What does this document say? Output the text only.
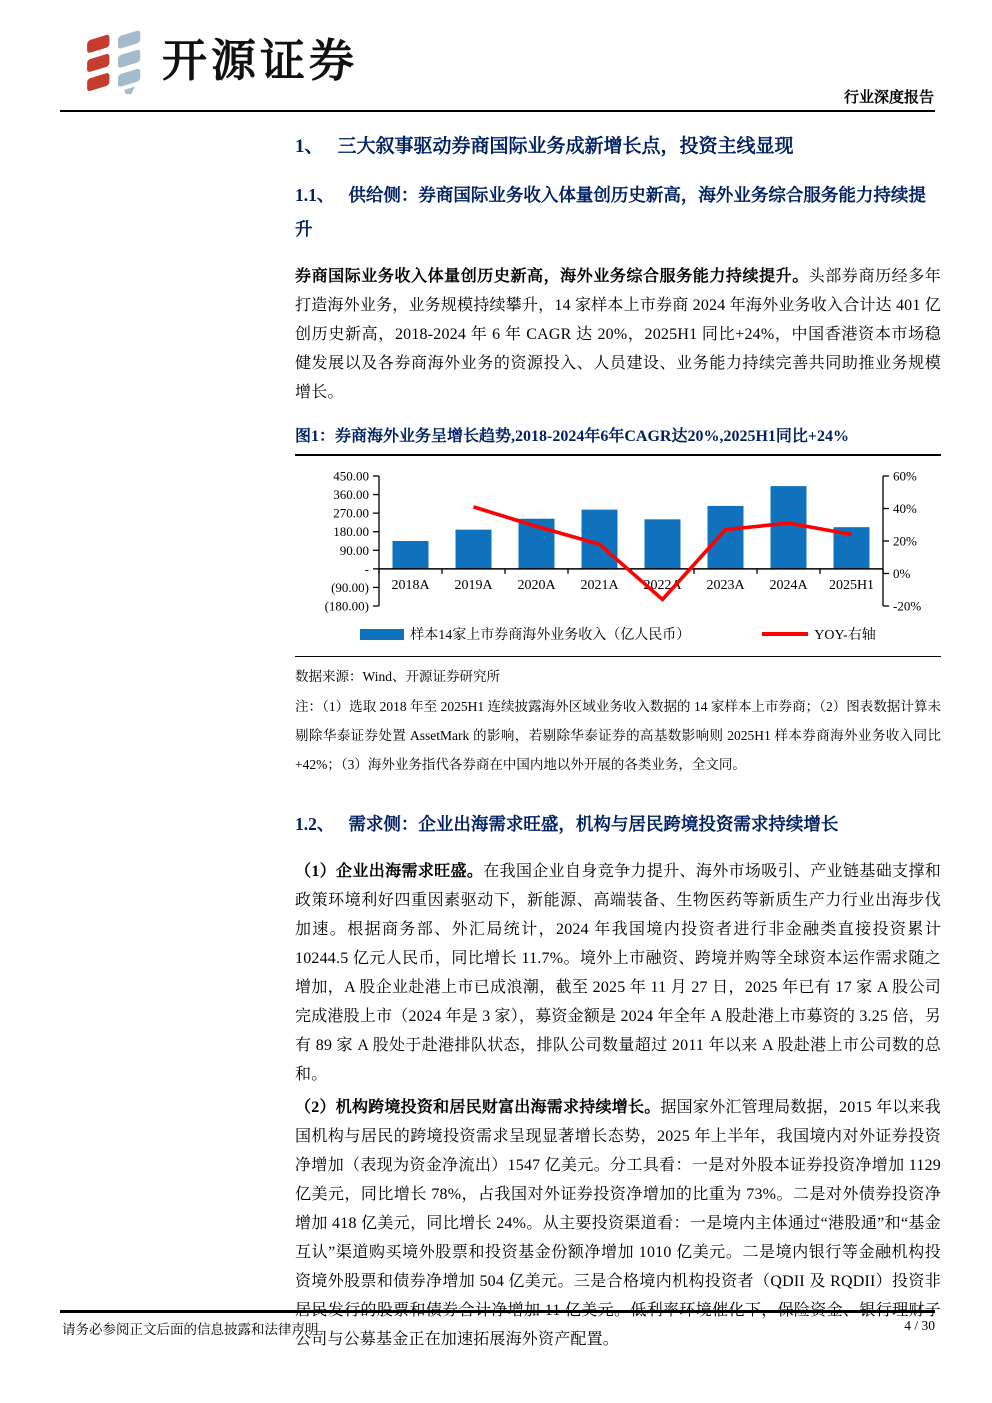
开源证券
行业深度报告
1、 三大叙事驱动券商国际业务成新增长点，投资主线显现
1.1、 供给侧：券商国际业务收入体量创历史新高，海外业务综合服务能力持续提升

券商国际业务收入体量创历史新高，海外业务综合服务能力持续提升。头部券商历经多年打造海外业务，业务规模持续攀升，14 家样本上市券商 2024 年海外业务收入合计达 401 亿创历史新高，2018-2024 年 6 年 CAGR 达 20%，2025H1 同比+24%，中国香港资本市场稳健发展以及各券商海外业务的资源投入、人员建设、业务能力持续完善共同助推业务规模增长。

图1：券商海外业务呈增长趋势,2018-2024年6年CAGR达20%,2025H1同比+24%

450.00
360.00
270.00
180.00
90.00
-
(90.00)
(180.00)
60%
40%
20%
0%
-20%
2018A 2019A 2020A 2021A 2022A 2023A 2024A 2025H1
样本14家上市券商海外业务收入（亿人民币）	YOY-右轴

数据来源：Wind、开源证券研究所

注：（1）选取 2018 年至 2025H1 连续披露海外区域业务收入数据的 14 家样本上市券商；（2）图表数据计算未剔除华泰证券处置 AssetMark 的影响，若剔除华泰证券的高基数影响则 2025H1 样本券商海外业务收入同比+42%；（3）海外业务指代各券商在中国内地以外开展的各类业务，全文同。

1.2、 需求侧：企业出海需求旺盛，机构与居民跨境投资需求持续增长

（1）企业出海需求旺盛。在我国企业自身竞争力提升、海外市场吸引、产业链基础支撑和政策环境利好四重因素驱动下，新能源、高端装备、生物医药等新质生产力行业出海步伐加速。根据商务部、外汇局统计，2024 年我国境内投资者进行非金融类直接投资累计 10244.5 亿元人民币，同比增长 11.7%。境外上市融资、跨境并购等全球资本运作需求随之增加，A 股企业赴港上市已成浪潮，截至 2025 年 11 月 27 日，2025 年已有 17 家 A 股公司完成港股上市（2024 年是 3 家），募资金额是 2024 年全年 A 股赴港上市募资的 3.25 倍，另有 89 家 A 股处于赴港排队状态，排队公司数量超过 2011 年以来 A 股赴港上市公司数的总和。

（2）机构跨境投资和居民财富出海需求持续增长。据国家外汇管理局数据，2015 年以来我国机构与居民的跨境投资需求呈现显著增长态势，2025 年上半年，我国境内对外证券投资净增加（表现为资金净流出）1547 亿美元。分工具看：一是对外股本证券投资净增加 1129 亿美元，同比增长 78%，占我国对外证券投资净增加的比重为 73%。二是对外债券投资净增加 418 亿美元，同比增长 24%。从主要投资渠道看：一是境内主体通过“港股通”和“基金互认”渠道购买境外股票和投资基金份额净增加 1010 亿美元。二是境内银行等金融机构投资境外股票和债券净增加 504 亿美元。三是合格境内机构投资者（QDII 及 RQDII）投资非居民发行的股票和债券合计净增加 11 亿美元。低利率环境催化下，保险资金、银行理财子公司与公募基金正在加速拓展海外资产配置。

请务必参阅正文后面的信息披露和法律声明	4 / 30
